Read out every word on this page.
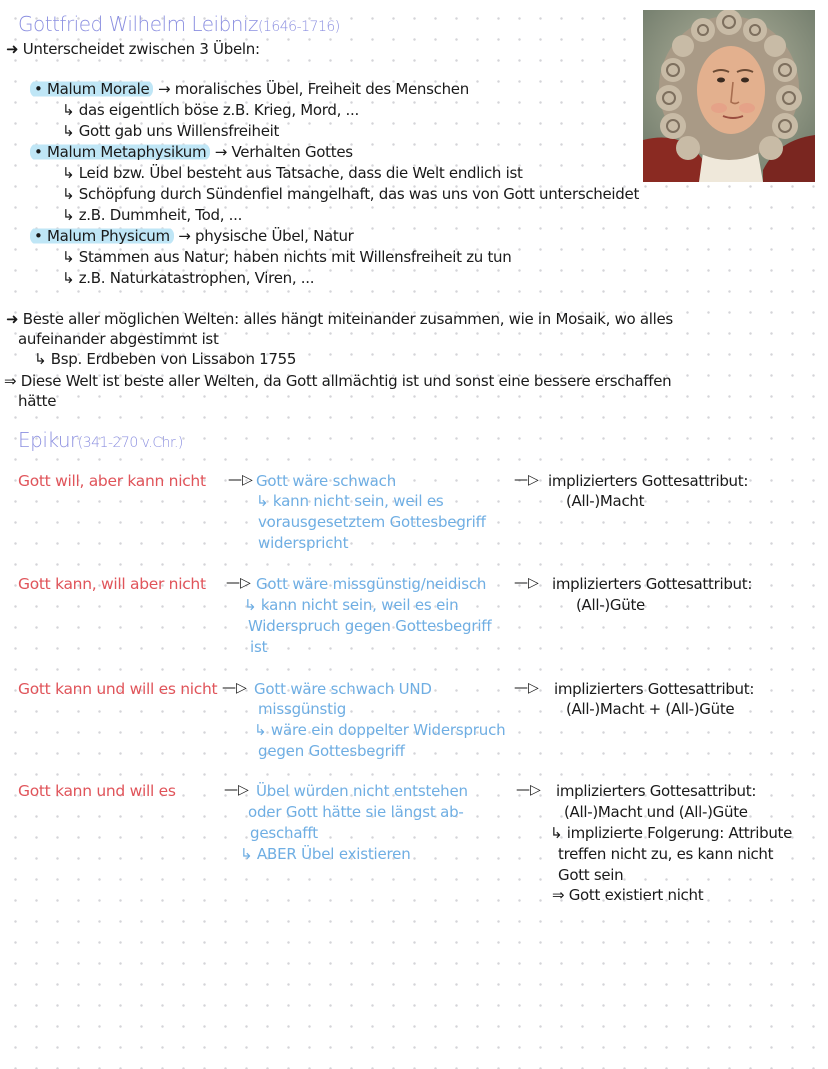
Gottfried Wilhelm Leibniz(1646-1716)
➜ Unterscheidet zwischen 3 Übeln:
• Malum Morale → moralisches Übel, Freiheit des Menschen
↳ das eigentlich böse z.B. Krieg, Mord, ...
↳ Gott gab uns Willensfreiheit
• Malum Metaphysikum → Verhalten Gottes
↳ Leid bzw. Übel besteht aus Tatsache, dass die Welt endlich ist
↳ Schöpfung durch Sündenfiel mangelhaft, das was uns von Gott unterscheidet
↳ z.B. Dummheit, Tod, ...
• Malum Physicum → physische Übel, Natur
↳ Stammen aus Natur; haben nichts mit Willensfreiheit zu tun
↳ z.B. Naturkatastrophen, Viren, ...
➜ Beste aller möglichen Welten: alles hängt miteinander zusammen, wie in Mosaik, wo alles
aufeinander abgestimmt ist
↳ Bsp. Erdbeben von Lissabon 1755
⇒ Diese Welt ist beste aller Welten, da Gott allmächtig ist und sonst eine bessere erschaffen
hätte
Epikur(341-270 v.Chr.)
Gott will, aber kann nicht —▷ Gott wäre schwach
↳ kann nicht sein, weil es
vorausgesetztem Gottesbegriff
widerspricht
—▷ implizierters Gottesattribut:
(All-)Macht
Gott kann, will aber nicht —▷ Gott wäre missgünstig/neidisch
↳ kann nicht sein, weil es ein
Widerspruch gegen Gottesbegriff
ist
—▷ implizierters Gottesattribut:
(All-)Güte
Gott kann und will es nicht —▷ Gott wäre schwach UND
missgünstig
↳ wäre ein doppelter Widerspruch
gegen Gottesbegriff
—▷ implizierters Gottesattribut:
(All-)Macht + (All-)Güte
Gott kann und will es	—▷ Übel würden nicht entstehen
oder Gott hätte sie längst ab-
geschafft
↳ ABER Übel existieren
—▷ implizierters Gottesattribut:
(All-)Macht und (All-)Güte
↳ implizierte Folgerung: Attribute
treffen nicht zu, es kann nicht
Gott sein
⇒ Gott existiert nicht
